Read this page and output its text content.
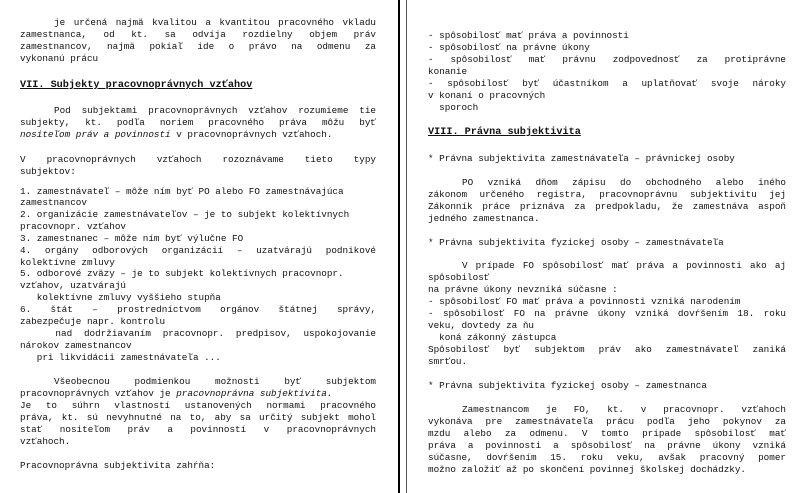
je určená najmä kvalitou a kvantitou pracovného vkladu
zamestnanca, od kt. sa odvíja rozdielny objem práv
zamestnancov, najmä pokiaľ ide o právo na odmenu za
vykonanú prácu
VII. Subjekty pracovnoprávnych vzťahov
Pod subjektami pracovnoprávnych vzťahov rozumieme tie
subjekty, kt. podľa noriem pracovného práva môžu byť
nositeľom práv a povinností v pracovnoprávnych vzťahoch.
V pracovnoprávnych vzťahoch rozoznávame tieto typy
subjektov:
1. zamestnávateľ – môže ním byť PO alebo FO zamestnávajúca
zamestnancov
2. organizácie zamestnávateľov – je to subjekt kolektívnych
pracovnopr. vzťahov
3. zamestnanec – môže ním byť výlučne FO
4. orgány odborových organizácií – uzatvárajú podnikové
kolektívne zmluvy
5. odborové zväzy – je to subjekt kolektívnych pracovnopr.
vzťahov, uzatvárajú
kolektívne zmluvy vyššieho stupňa
6. štát – prostredníctvom orgánov štátnej správy,
zabezpečuje napr. kontrolu
nad dodržiavaním pracovnopr. predpisov, uspokojovanie
nárokov zamestnancov
pri likvidácii zamestnávateľa ...
Všeobecnou podmienkou možnosti byť subjektom
pracovnoprávnych vzťahov je pracovnoprávna subjektivita.
Je to súhrn vlastností ustanovených normami pracovného
práva, kt. sú nevyhnutné na to, aby sa určitý subjekt mohol
stať nositeľom práv a povinností v pracovnoprávnych
vzťahoch.
Pracovnoprávna subjektivita zahŕňa:
- spôsobilosť mať práva a povinnosti
- spôsobilosť na právne úkony
- spôsobilosť mať právnu zodpovednosť za protiprávne
konanie
- spôsobilosť byť účastníkom a uplatňovať svoje nároky
v konaní o pracovných
sporoch
VIII. Právna subjektivita
* Právna subjektivita zamestnávateľa – právnickej osoby
PO vzniká dňom zápisu do obchodného alebo iného
zákonom určeného registra, pracovnoprávnu subjektivitu jej
Zákonník práce priznáva za predpokladu, že zamestnáva aspoň
jedného zamestnanca.
* Právna subjektivita fyzickej osoby – zamestnávateľa
V prípade FO spôsobilosť mať práva a povinnosti ako aj
spôsobilosť
na právne úkony nevzniká súčasne :
- spôsobilosť FO mať práva a povinnosti vzniká narodením
- spôsobilosť FO na právne úkony vzniká dovŕšením 18. roku
veku, dovtedy za ňu
koná zákonný zástupca
Spôsobilosť byť subjektom práv ako zamestnávateľ zaniká
smrťou.
* Právna subjektivita fyzickej osoby – zamestnanca
Zamestnancom je FO, kt. v pracovnopr. vzťahoch
vykonáva pre zamestnávateľa prácu podľa jeho pokynov za
mzdu alebo za odmenu. V tomto prípade spôsobilosť mať
práva a povinnosti a spôsobilosť na právne úkony vzniká
súčasne, dovŕšením 15. roku veku, avšak pracovný pomer
možno založiť až po skončení povinnej školskej dochádzky.
